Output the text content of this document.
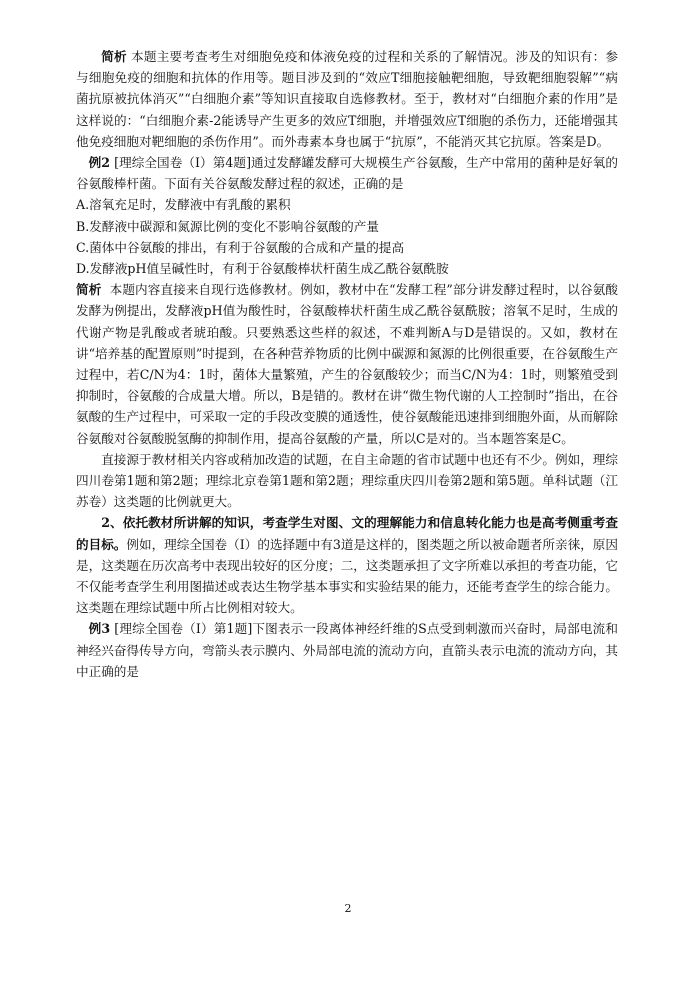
简析 本题主要考查考生对细胞免疫和体液免疫的过程和关系的了解情况。涉及的知识有：参与细胞免疫的细胞和抗体的作用等。题目涉及到的“效应T细胞接触靶细胞，导致靶细胞裂解”“病菌抗原被抗体消灭”“白细胞介素”等知识直接取自选修教材。至于，教材对“白细胞介素的作用”是这样说的：“白细胞介素-2能诱导产生更多的效应T细胞，并增强效应T细胞的杀伤力，还能增强其他免疫细胞对靶细胞的杀伤作用”。而外毒素本身也属于“抗原”，不能消灭其它抗原。答案是D。

例2 [理综全国卷（I）第4题]通过发酵罐发酵可大规模生产谷氨酸，生产中常用的菌种是好氧的谷氨酸棒杆菌。下面有关谷氨酸发酵过程的叙述，正确的是

A.溶氧充足时，发酵液中有乳酸的累积

B.发酵液中碳源和氮源比例的变化不影响谷氨酸的产量

C.菌体中谷氨酸的排出，有利于谷氨酸的合成和产量的提高

D.发酵液pH值呈碱性时，有利于谷氨酸棒状杆菌生成乙酰谷氨酰胺

简析 本题内容直接来自现行选修教材。例如，教材中在“发酵工程”部分讲发酵过程时，以谷氨酸发酵为例提出，发酵液pH值为酸性时，谷氨酸棒状杆菌生成乙酰谷氨酰胺；溶氧不足时，生成的代谢产物是乳酸或者琥珀酸。只要熟悉这些样的叙述，不难判断A与D是错误的。又如，教材在讲“培养基的配置原则”时提到，在各种营养物质的比例中碳源和氮源的比例很重要，在谷氨酸生产过程中，若C/N为4：1时，菌体大量繁殖，产生的谷氨酸较少；而当C/N为4：1时，则繁殖受到抑制时，谷氨酸的合成量大增。所以，B是错的。教材在讲“微生物代谢的人工控制时”指出，在谷氨酸的生产过程中，可采取一定的手段改变膜的通透性，使谷氨酸能迅速排到细胞外面，从而解除谷氨酸对谷氨酸脱氢酶的抑制作用，提高谷氨酸的产量，所以C是对的。当本题答案是C。

直接源于教材相关内容或稍加改造的试题，在自主命题的省市试题中也还有不少。例如，理综四川卷第1题和第2题；理综北京卷第1题和第2题；理综重庆四川卷第2题和第5题。单科试题（江苏卷）这类题的比例就更大。

2、依托教材所讲解的知识，考查学生对图、文的理解能力和信息转化能力也是高考侧重考查的目标。例如，理综全国卷（I）的选择题中有3道是这样的，图类题之所以被命题者所亲徕，原因是，这类题在历次高考中表现出较好的区分度；二，这类题承担了文字所难以承担的考查功能，它不仅能考查学生利用图描述或表达生物学基本事实和实验结果的能力，还能考查学生的综合能力。这类题在理综试题中所占比例相对较大。

例3 [理综全国卷（I）第1题]下图表示一段离体神经纤维的S点受到刺激而兴奋时，局部电流和神经兴奋得传导方向，弯箭头表示膜内、外局部电流的流动方向，直箭头表示电流的流动方向，其中正确的是

2
